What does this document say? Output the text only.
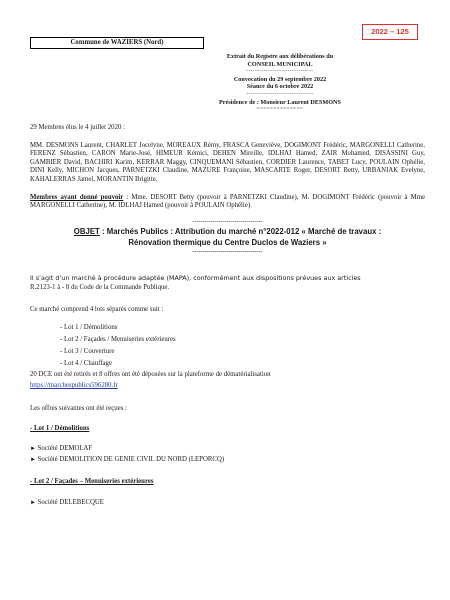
2022 – 125
Commune de WAZIERS (Nord)
Extrait du Registre aux délibérations du
CONSEIL MUNICIPAL
-------------------------------
Convocation du 29 septembre 2022
Séance du 6 octobre 2022
-------------------------------
Présidence de : Monsieur Laurent DESMONS
==============
29 Membres élus le 4 juillet 2020 :
MM. DESMONS Laurent, CHARLET Jocelyne, MOREAUX Rémy, FRASCA Geneviève, DOGIMONT Frédéric, MARGONELLI Catherine, FERENZ Sébastien, CARON Marie-José, HIMEUR Kémici, DEHEN Mireille, IDLHAJ Hamed, ZAIR Mohamed, DISASSINI Guy, GAMBIER David, BACHIRI Karim, KERRAR Maggy, CINQUEMANI Sébastien, CORDIER Laurence, TABET Lucy, POULAIN Ophélie, DINI Kelly, MICHON Jacques, PARNETZKI Claudine, MAZURE Françoise, MASCARTE Roger, DESORT Betty, URBANIAK Evelyne, KAHALERRAS Jamel, MORANTIN Brigitte.
Membres ayant donné pouvoir : Mme. DESORT Betty (pouvoir à PARNETZKI Claudine), M. DOGIMONT Frédéric (pouvoir à Mme MARGONELLI Catherine), M. IDLHAJ Hamed (pouvoir à POULAIN Ophélie).
-----------------------------------
OBJET : Marchés Publics : Attribution du marché n°2022-012 « Marché de travaux :
Rénovation thermique du Centre Duclos de Waziers »
-----------------------------------
Il s’agit d’un marché à procédure adaptée (MAPA), conformément aux dispositions prévues aux articles
R.2123-1 à - 8 du Code de la Commande Publique.
Ce marché comprend 4 lots séparés comme suit :
- Lot 1 / Démolitions
- Lot 2 / Façades / Menuiseries extérieures
- Lot 3 / Couverture
- Lot 4 / Chauffage
20 DCE ont été retirés et 8 offres ont été déposées sur la plateforme de dématérialisation
https://marchespublics596280.fr
Les offres suivantes ont été reçues :
- Lot 1 / Démolitions
► Société DEMOLAF
► Société DEMOLITION DE GENIE CIVIL DU NORD (LEPORCQ)
- Lot 2 / Façades – Menuiseries extérieures
► Société DELEBECQUE
